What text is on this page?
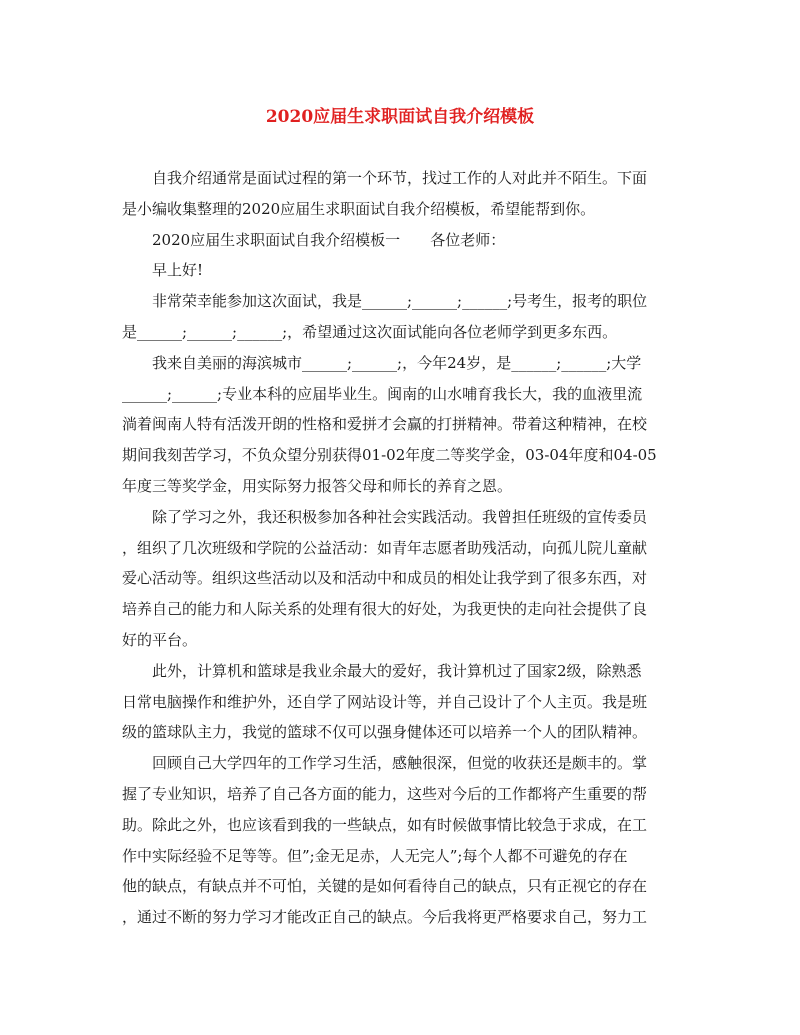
2020应届生求职面试自我介绍模板

自我介绍通常是面试过程的第一个环节，找过工作的人对此并不陌生。下面
是小编收集整理的2020应届生求职面试自我介绍模板，希望能帮到你。

2020应届生求职面试自我介绍模板一 各位老师：

早上好!

非常荣幸能参加这次面试，我是______;______;______;号考生，报考的职位
是______;______;______;，希望通过这次面试能向各位老师学到更多东西。

我来自美丽的海滨城市______;______;，今年24岁，是______;______;大学
______;______;专业本科的应届毕业生。闽南的山水哺育我长大，我的血液里流
淌着闽南人特有活泼开朗的性格和爱拼才会赢的打拼精神。带着这种精神，在校
期间我刻苦学习，不负众望分别获得01-02年度二等奖学金，03-04年度和04-05
年度三等奖学金，用实际努力报答父母和师长的养育之恩。

除了学习之外，我还积极参加各种社会实践活动。我曾担任班级的宣传委员
，组织了几次班级和学院的公益活动：如青年志愿者助残活动，向孤儿院儿童献
爱心活动等。组织这些活动以及和活动中和成员的相处让我学到了很多东西，对
培养自己的能力和人际关系的处理有很大的好处，为我更快的走向社会提供了良
好的平台。

此外，计算机和篮球是我业余最大的爱好，我计算机过了国家2级，除熟悉
日常电脑操作和维护外，还自学了网站设计等，并自己设计了个人主页。我是班
级的篮球队主力，我觉的篮球不仅可以强身健体还可以培养一个人的团队精神。

回顾自己大学四年的工作学习生活，感触很深，但觉的收获还是颇丰的。掌
握了专业知识，培养了自己各方面的能力，这些对今后的工作都将产生重要的帮
助。除此之外，也应该看到我的一些缺点，如有时候做事情比较急于求成，在工
作中实际经验不足等等。但”;金无足赤，人无完人”;每个人都不可避免的存在
他的缺点，有缺点并不可怕，关键的是如何看待自己的缺点，只有正视它的存在
，通过不断的努力学习才能改正自己的缺点。今后我将更严格要求自己，努力工
